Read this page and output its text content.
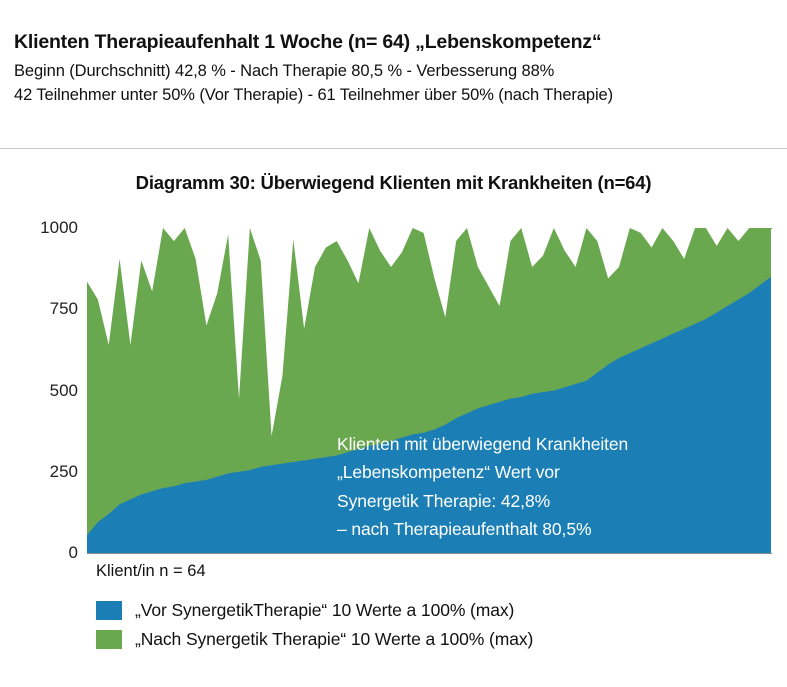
Klienten Therapieaufenhalt 1 Woche (n= 64) „Lebenskompetenz“
Beginn (Durchschnitt) 42,8 % - Nach Therapie 80,5 % - Verbesserung 88%
42 Teilnehmer unter 50% (Vor Therapie) - 61 Teilnehmer über 50% (nach Therapie)
Diagramm 30: Überwiegend Klienten mit Krankheiten (n=64)
0
250
500
750
1000
Klienten mit überwiegend Krankheiten
„Lebenskompetenz“ Wert vor
Synergetik Therapie: 42,8%
– nach Therapieaufenthalt 80,5%
Klient/in n = 64
„Vor SynergetikTherapie“ 10 Werte a 100% (max)
„Nach Synergetik Therapie“ 10 Werte a 100% (max)
